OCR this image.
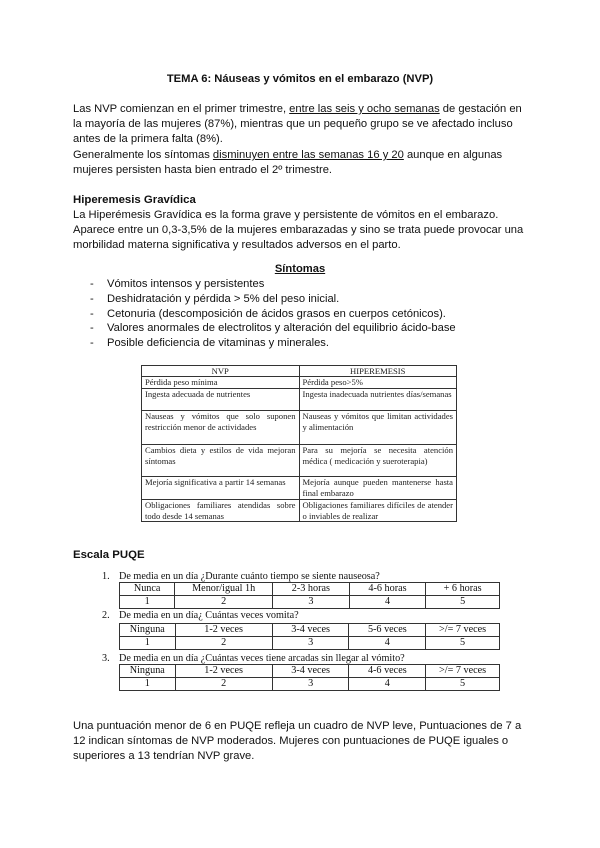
TEMA 6: Náuseas y vómitos en el embarazo (NVP)
Las NVP comienzan en el primer trimestre, entre las seis y ocho semanas de gestación en la mayoría de las mujeres (87%), mientras que un pequeño grupo se ve afectado incluso antes de la primera falta (8%).
Generalmente los síntomas disminuyen entre las semanas 16 y 20 aunque en algunas mujeres persisten hasta bien entrado el 2º trimestre.
Hiperemesis Gravídica
La Hiperémesis Gravídica es la forma grave y persistente de vómitos en el embarazo. Aparece entre un 0,3-3,5% de la mujeres embarazadas y sino se trata puede provocar una morbilidad materna significativa y resultados adversos en el parto.
Síntomas
- Vómitos intensos y persistentes
- Deshidratación y pérdida > 5% del peso inicial.
- Cetonuria (descomposición de ácidos grasos en cuerpos cetónicos).
- Valores anormales de electrolitos y alteración del equilibrio ácido-base
- Posible deficiencia de vitaminas y minerales.
NVP	HIPEREMESIS
Pérdida peso mínima	Pérdida peso>5%
Ingesta adecuada de nutrientes	Ingesta inadecuada nutrientes días/semanas
Nauseas y vómitos que solo suponen restricción menor de actividades	Nauseas y vómitos que limitan actividades y alimentación
Cambios dieta y estilos de vida mejoran síntomas	Para su mejoría se necesita atención médica ( medicación y sueroterapia)
Mejoría significativa a partir 14 semanas	Mejoría aunque pueden mantenerse hasta final embarazo
Obligaciones familiares atendidas sobre todo desde 14 semanas	Obligaciones familiares difíciles de atender o inviables de realizar
Escala PUQE
1. De media en un día ¿Durante cuánto tiempo se siente nauseosa?
Nunca	Menor/igual 1h	2-3 horas	4-6 horas	+ 6 horas
1	2	3	4	5
2. De media en un día¿ Cuántas veces vomita?
Ninguna	1-2 veces	3-4 veces	5-6 veces	>/= 7 veces
1	2	3	4	5
3. De media en un día ¿Cuántas veces tiene arcadas sin llegar al vómito?
Ninguna	1-2 veces	3-4 veces	4-6 veces	>/= 7 veces
1	2	3	4	5
Una puntuación menor de 6 en PUQE refleja un cuadro de NVP leve, Puntuaciones de 7 a 12 indican síntomas de NVP moderados. Mujeres con puntuaciones de PUQE iguales o superiores a 13 tendrían NVP grave.
